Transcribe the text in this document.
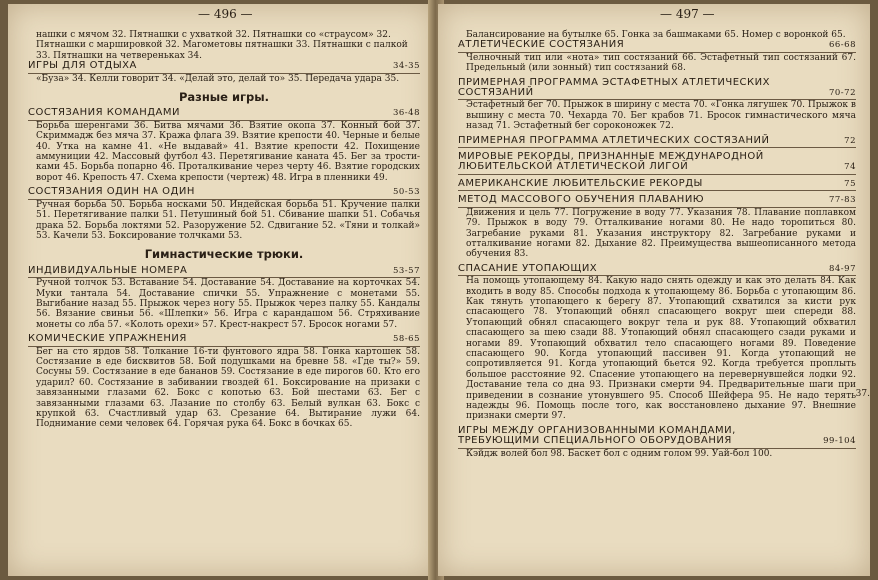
— 496 —
нашки с мячом 32. Пятнашки с ухваткой 32. Пятнашки со «страусом» 32. Пятнашки с маршировкой 32. Магометовы пятнашки 33. Пятнашки с палкой 33. Пятнашки на четвереньках 34.
ИГРЫ ДЛЯ ОТДЫХА	34-35
«Буза» 34. Келли говорит 34. «Делай это, делай то» 35. Передача удара 35.
Разные игры.
СОСТЯЗАНИЯ КОМАНДАМИ	36-48
Борьба шеренгами 36. Битва мячами 36. Взятие окопа 37. Конный бой 37. Скриммадж без мяча 37. Кража флага 39. Взятие крепости 40. Черные и белые 40. Утка на камне 41. «Не выдавай» 41. Взятие крепости 42. Похищение аммуниции 42. Массовый футбол 43. Перетягивание каната 45. Бег за тростиками 45. Борьба попарно 46. Проталкивание через черту 46. Взятие городских ворот 46. Крепость 47. Схема крепости (чертеж) 48. Игра в пленники 49.
СОСТЯЗАНИЯ ОДИН НА ОДИН	50-53
Ручная борьба 50. Борьба носками 50. Индейская борьба 51. Кручение палки 51. Перетягивание палки 51. Петушиный бой 51. Сбивание шапки 51. Собачья драка 52. Борьба локтями 52. Разоружение 52. Сдвигание 52. «Тяни и толкай» 53. Качели 53. Боксирование толчками 53.
Гимнастические трюки.
ИНДИВИДУАЛЬНЫЕ НОМЕРА	53-57
Ручной толчок 53. Вставание 54. Доставание 54. Доставание на корточках 54. Муки танталa 54. Доставание спички 55. Упражнение с монетами 55. Выгибание назад 55. Прыжок через ногу 55. Прыжок через палку 55. Кандалы 56. Вязание свиньи 56. «Шлепки» 56. Игра с карандашом 56. Стряхивание монеты со лба 57. «Колоть орехи» 57. Крест-накрест 57. Бросок ногами 57.
КОМИЧЕСКИЕ УПРАЖНЕНИЯ	58-65
Бег на сто ярдов 58. Толкание 16-ти фунтового ядра 58. Гонка картошек 58. Состязание в еде бисквитов 58. Бой подушками на бревне 58. «Где ты?» 59. Сосуны 59. Состязание в еде бананов 59. Состязание в еде пирогов 60. Кто его ударил? 60. Состязание в забивании гвоздей 61. Боксирование на призаки с завязанными глазами 62. Бокс с копотью 63. Бой шестами 63. Бег с завязанными глазами 63. Лазание по столбу 63. Белый вулкан 63. Бокс с крупкой 63. Счастливый удар 63. Срезание 64. Вытирание лужи 64. Поднимание семи человек 64. Горячая рука 64. Бокс в бочках 65.
— 497 —
Балансирование на бутылке 65. Гонка за башмаками 65. Номер с воронкой 65.
АТЛЕТИЧЕСКИЕ СОСТЯЗАНИЯ	66-68
Челночный тип или «нота» тип состязаний 66. Эстафетный тип состязаний 67. Предельный (или зонный) тип состязаний 68.
ПРИМЕРНАЯ ПРОГРАММА ЭСТАФЕТНЫХ АТЛЕТИЧЕСКИХ СОСТЯЗАНИЙ	70-72
Эстафетный бег 70. Прыжок в ширину с места 70. «Гонка лягушек 70. Прыжок в вышину с места 70. Чехарда 70. Бег крабов 71. Бросок гимнастического мяча назад 71. Эстафетный бег сороконожек 72.
ПРИМЕРНАЯ ПРОГРАММА АТЛЕТИЧЕСКИХ СОСТЯЗАНИЙ	72
МИРОВЫЕ РЕКОРДЫ, ПРИЗНАННЫЕ МЕЖДУНАРОДНОЙ ЛЮБИТЕЛЬСКОЙ АТЛЕТИЧЕСКОЙ ЛИГОЙ	74
АМЕРИКАНСКИЕ ЛЮБИТЕЛЬСКИЕ РЕКОРДЫ	75
МЕТОД МАССОВОГО ОБУЧЕНИЯ ПЛАВАНИЮ	77-83
Движения и цель 77. Погружение в воду 77. Указания 78. Плавание поплавком 79. Прыжок в воду 79. Отталкивание ногами 80. Не надо торопиться 80. Загребание руками 81. Указания инструктору 82. Загребание руками и отталкивание ногами 82. Дыхание 82. Преимущества вышеописанного метода обучения 83.
СПАСАНИЕ УТОПАЮЩИХ	84-97
На помощь утопающему 84. Какую надо снять одежду и как это делать 84. Как входить в воду 85. Способы подхода к утопающему 86. Борьба с утопающим 86. Как тянуть утопающего к берегу 87. Утопающий схватился за кисти рук спасающего 78. Утопающий обнял спасающего вокруг шеи спереди 88. Утопающий обнял спасающего вокруг тела и рук 88. Утопающий обхватил спасающего за шею сзади 88. Утопающий обнял спасающего сзади руками и ногами 89. Утопающий обхватил тело спасающего ногами 89. Поведение спасающего 90. Когда утопающий пассивен 91. Когда утопающий не сопротивляется 91. Когда утопающий бьется 92. Когда требуется проплыть большое расстояние 92. Спасение утопающего на перевернувшейся лодки 92. Доставание тела со дна 93. Признаки смерти 94. Предварительные шаги при приведении в сознание утонувшего 95. Способ Шейфера 95. Не надо терять надежды 96. Помощь после того, как восстановлено дыхание 97. Внешние признаки смерти 97.
ИГРЫ МЕЖДУ ОРГАНИЗОВАННЫМИ КОМАНДАМИ, ТРЕБУЮЩИМИ СПЕЦИАЛЬНОГО ОБОРУДОВАНИЯ	99-104
Кэйдж волей бол 98. Баскет бол с одним голом 99. Уай-бол 100.
37.
